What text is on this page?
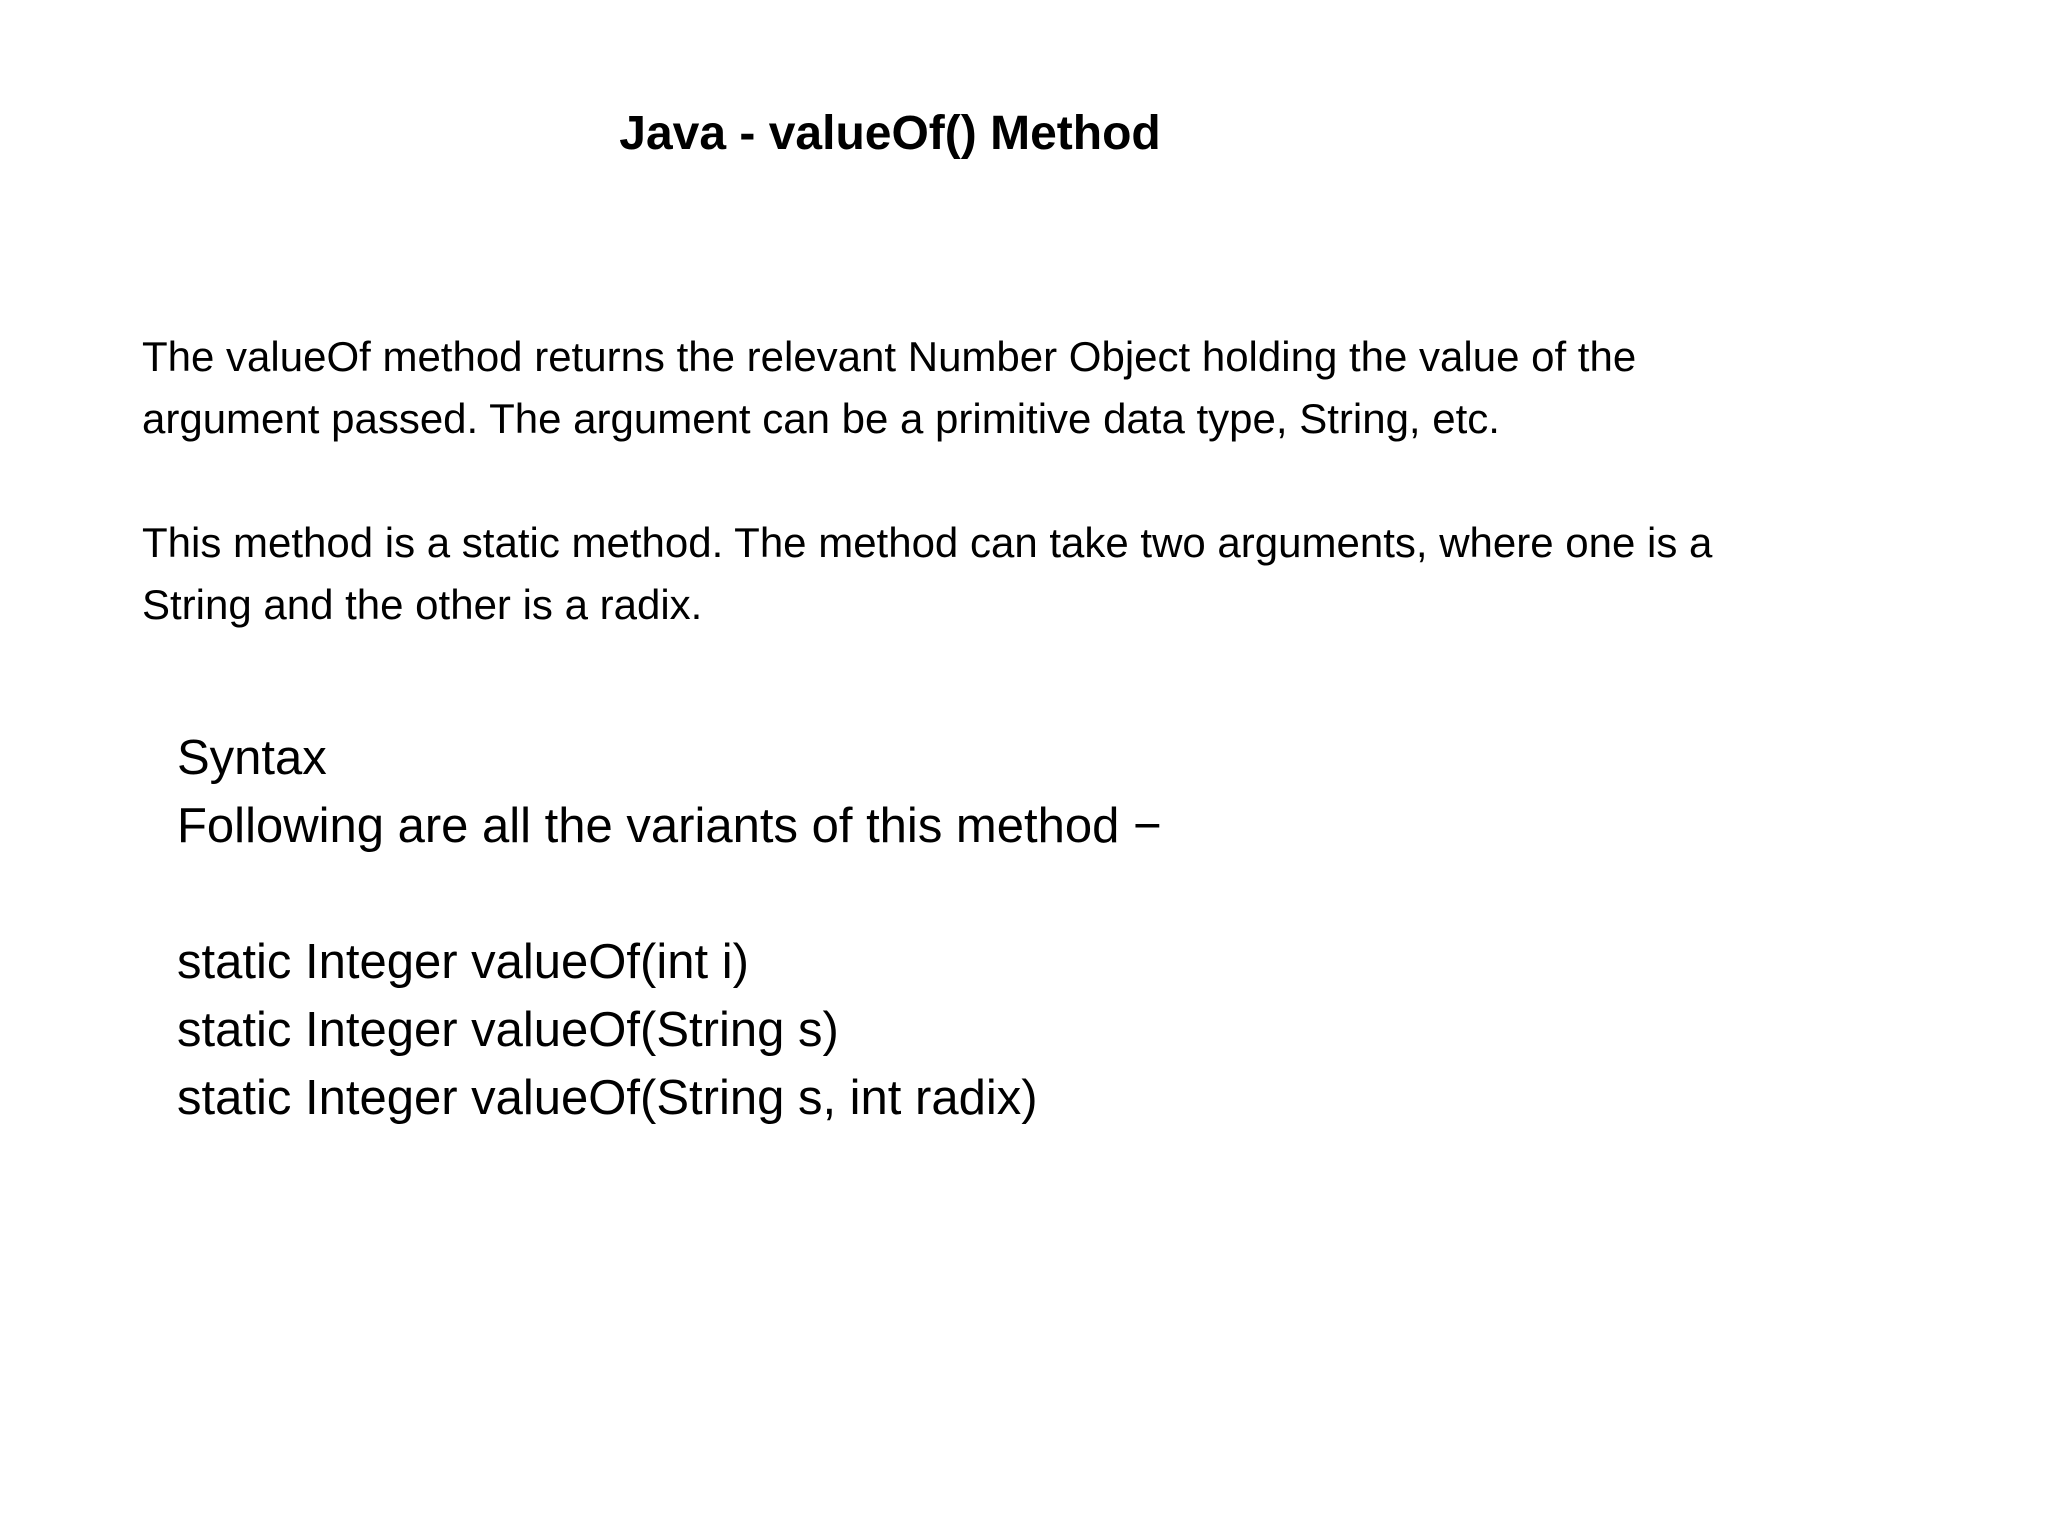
Java - valueOf() Method

The valueOf method returns the relevant Number Object holding the value of the

argument passed. The argument can be a primitive data type, String, etc.

This method is a static method. The method can take two arguments, where one is a

String and the other is a radix.

Syntax
Following are all the variants of this method −
static Integer valueOf(int i)
static Integer valueOf(String s)
static Integer valueOf(String s, int radix)
